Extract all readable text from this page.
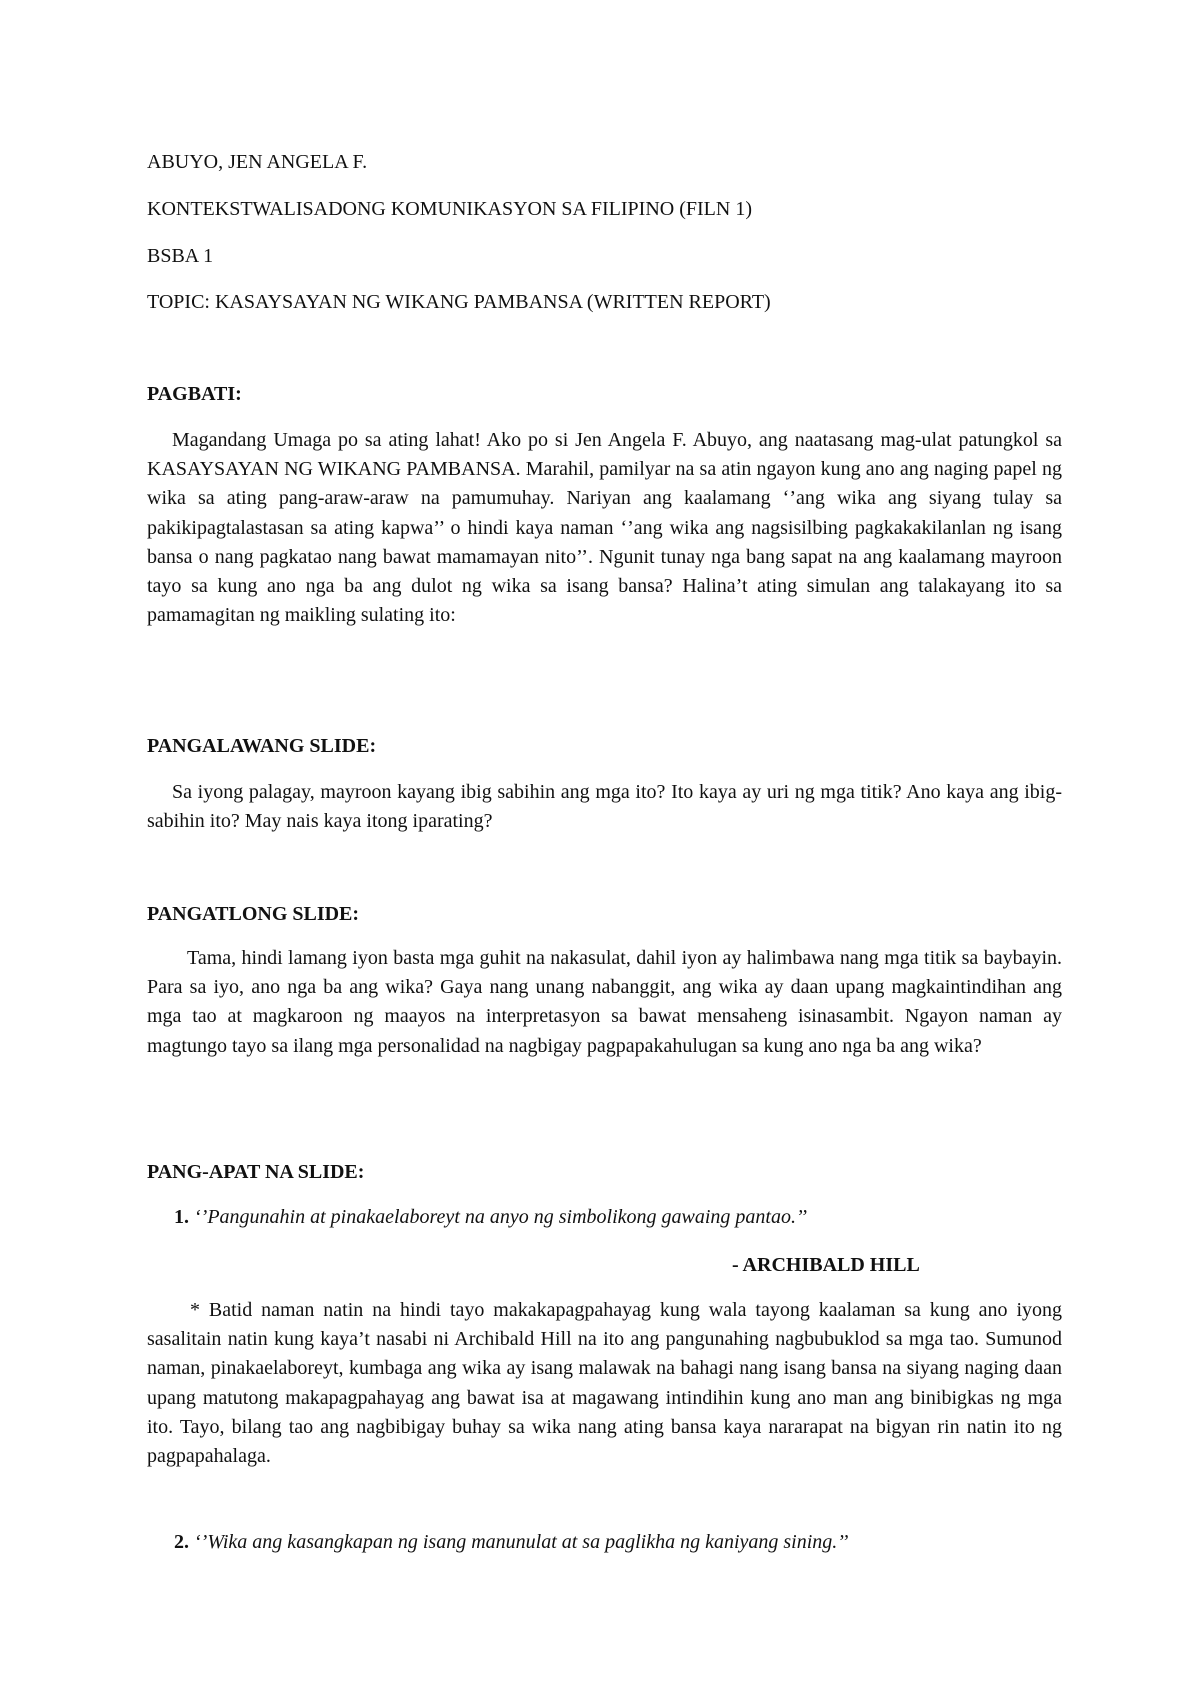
ABUYO, JEN ANGELA F.

KONTEKSTWALISADONG KOMUNIKASYON SA FILIPINO (FILN 1)

BSBA 1

TOPIC: KASAYSAYAN NG WIKANG PAMBANSA (WRITTEN REPORT)

PAGBATI:

Magandang Umaga po sa ating lahat! Ako po si Jen Angela F. Abuyo, ang naatasang mag-ulat patungkol sa KASAYSAYAN NG WIKANG PAMBANSA. Marahil, pamilyar na sa atin ngayon kung ano ang naging papel ng wika sa ating pang-araw-araw na pamumuhay. Nariyan ang kaalamang ‘’ang wika ang siyang tulay sa pakikipagtalastasan sa ating kapwa’’ o hindi kaya naman ‘’ang wika ang nagsisilbing pagkakakilanlan ng isang bansa o nang pagkatao nang bawat mamamayan nito’’. Ngunit tunay nga bang sapat na ang kaalamang mayroon tayo sa kung ano nga ba ang dulot ng wika sa isang bansa? Halina’t ating simulan ang talakayang ito sa pamamagitan ng maikling sulating ito:

PANGALAWANG SLIDE:

Sa iyong palagay, mayroon kayang ibig sabihin ang mga ito? Ito kaya ay uri ng mga titik? Ano kaya ang ibig-sabihin ito? May nais kaya itong iparating?

PANGATLONG SLIDE:

Tama, hindi lamang iyon basta mga guhit na nakasulat, dahil iyon ay halimbawa nang mga titik sa baybayin. Para sa iyo, ano nga ba ang wika? Gaya nang unang nabanggit, ang wika ay daan upang magkaintindihan ang mga tao at magkaroon ng maayos na interpretasyon sa bawat mensaheng isinasambit. Ngayon naman ay magtungo tayo sa ilang mga personalidad na nagbigay pagpapakahulugan sa kung ano nga ba ang wika?

PANG-APAT NA SLIDE:

1. ‘’Pangunahin at pinakaelaboreyt na anyo ng simbolikong gawaing pantao.’’

- ARCHIBALD HILL

* Batid naman natin na hindi tayo makakapagpahayag kung wala tayong kaalaman sa kung ano iyong sasalitain natin kung kaya’t nasabi ni Archibald Hill na ito ang pangunahing nagbubuklod sa mga tao. Sumunod naman, pinakaelaboreyt, kumbaga ang wika ay isang malawak na bahagi nang isang bansa na siyang naging daan upang matutong makapagpahayag ang bawat isa at magawang intindihin kung ano man ang binibigkas ng mga ito. Tayo, bilang tao ang nagbibigay buhay sa wika nang ating bansa kaya nararapat na bigyan rin natin ito ng pagpapahalaga.

2. ‘’Wika ang kasangkapan ng isang manunulat at sa paglikha ng kaniyang sining.’’
